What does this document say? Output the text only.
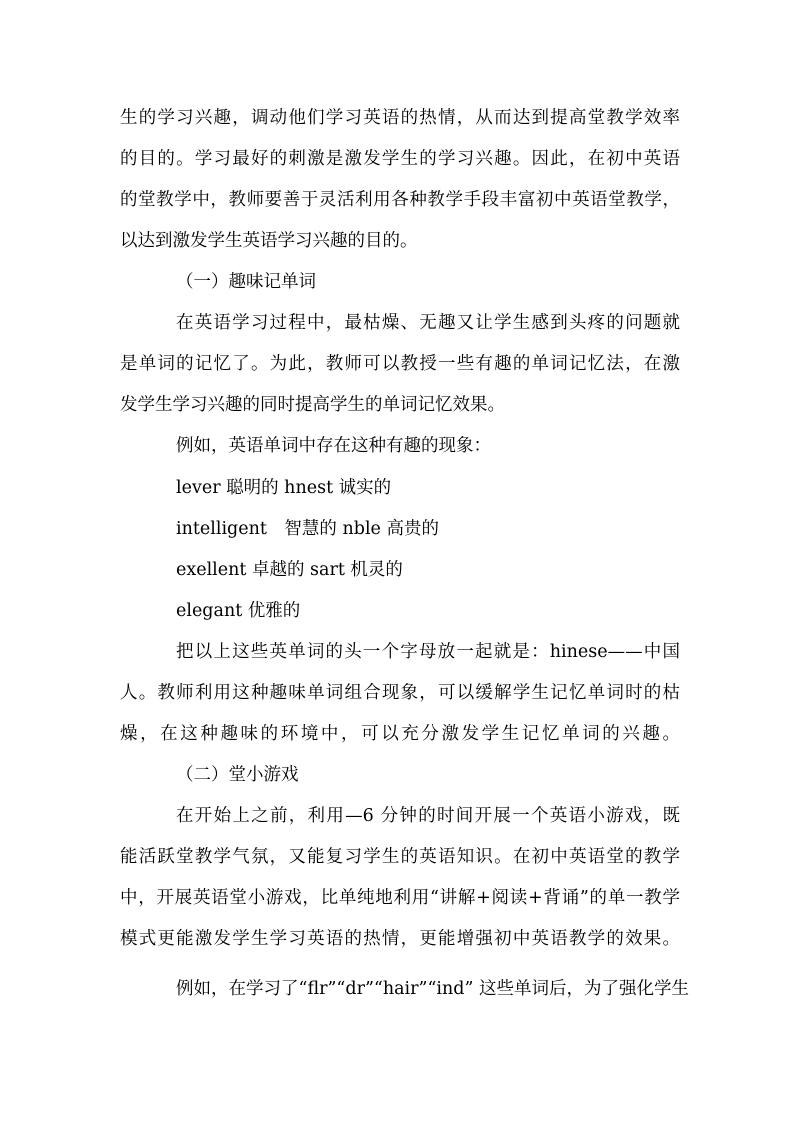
生的学习兴趣，调动他们学习英语的热情，从而达到提高堂教学效率
的目的。学习最好的刺激是激发学生的学习兴趣。因此，在初中英语
的堂教学中，教师要善于灵活利用各种教学手段丰富初中英语堂教学，
以达到激发学生英语学习兴趣的目的。
（一）趣味记单词
在英语学习过程中，最枯燥、无趣又让学生感到头疼的问题就
是单词的记忆了。为此，教师可以教授一些有趣的单词记忆法，在激
发学生学习兴趣的同时提高学生的单词记忆效果。
例如，英语单词中存在这种有趣的现象：
lever 聪明的 hnest 诚实的
intelligent　智慧的 nble 高贵的
exellent 卓越的 sart 机灵的
elegant 优雅的
把以上这些英单词的头一个字母放一起就是：hinese——中国
人。教师利用这种趣味单词组合现象，可以缓解学生记忆单词时的枯
燥，在这种趣味的环境中，可以充分激发学生记忆单词的兴趣。
（二）堂小游戏
在开始上之前，利用—6 分钟的时间开展一个英语小游戏，既
能活跃堂教学气氛，又能复习学生的英语知识。在初中英语堂的教学
中，开展英语堂小游戏，比单纯地利用“讲解+阅读+背诵”的单一教学
模式更能激发学生学习英语的热情，更能增强初中英语教学的效果。
例如，在学习了“flr”“dr”“hair”“ind” 这些单词后，为了强化学生
